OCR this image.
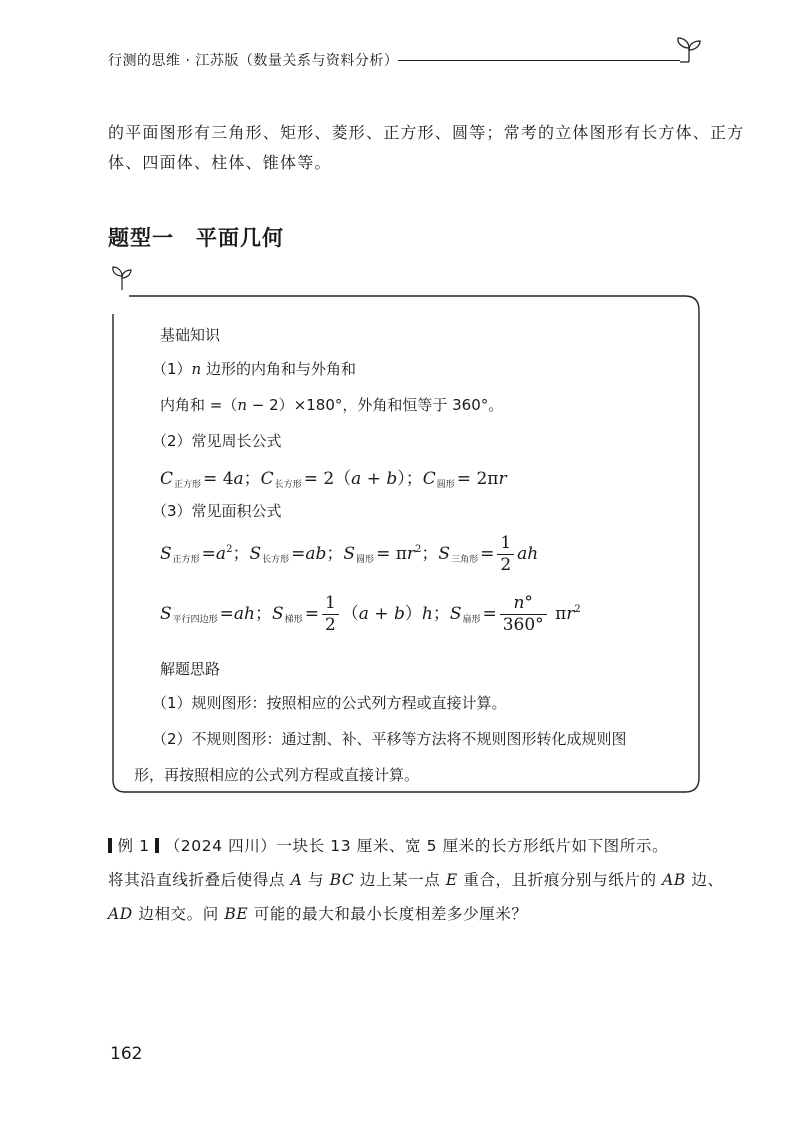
行测的思维 · 江苏版（数量关系与资料分析）
的平面图形有三角形、矩形、菱形、正方形、圆等；常考的立体图形有长方体、正方
体、四面体、柱体、锥体等。
题型一 平面几何
基础知识
（1）n 边形的内角和与外角和
内角和 =（n − 2）×180°，外角和恒等于 360°。
（2）常见周长公式
$C_{正方形} = 4a$；$C_{长方形} = 2(a + b)$；$C_{圆形} = 2\pi r$
（3）常见面积公式
$S_{正方形} =a^2$；$S_{长方形} =ab$；$S_{圆形} = \pi r^2$；$S_{三角形} = \frac{1}{2}$ ah
$S_{平行四边形} =ah$；$S_{梯形} = \frac{1}{2} (a + b)h$；$S_{扇形} = \frac{n^\circ}{360^\circ} \pi r^2$
解题思路
（1）规则图形：按照相应的公式列方程或直接计算。
（2）不规则图形：通过割、补、平移等方法将不规则图形转化成规则图
形，再按照相应的公式列方程或直接计算。
例 1 （2024 四川）一块长 13 厘米、宽 5 厘米的长方形纸片如下图所示。
将其沿直线折叠后使得点 A 与 BC 边上某一点 E 重合，且折痕分别与纸片的 AB 边、
AD 边相交。问 BE 可能的最大和最小长度相差多少厘米？
162
